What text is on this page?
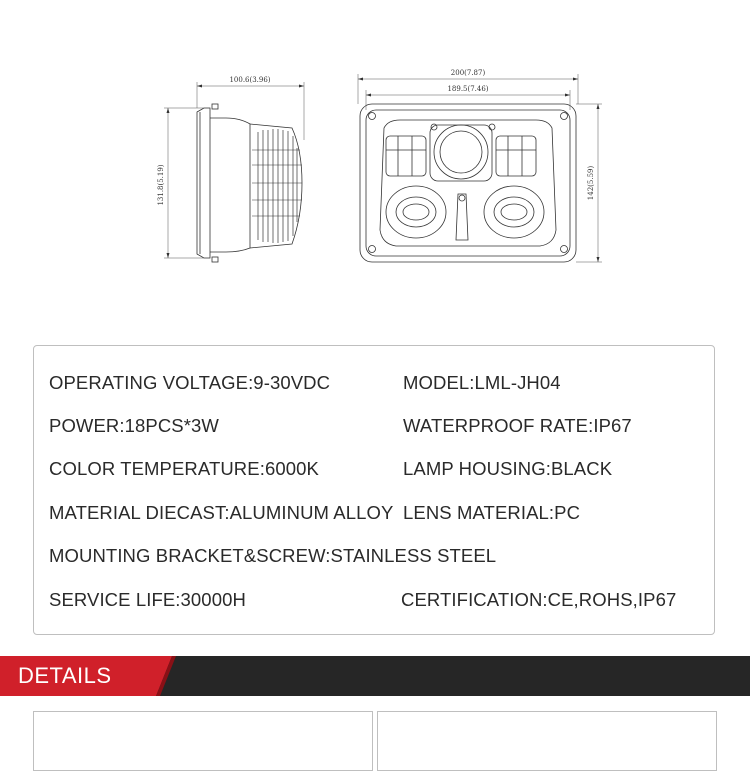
100.6(3.96)
131.8(5.19)
200(7.87)
189.5(7.46)
142(5.59)
OPERATING VOLTAGE:9-30VDC
POWER:18PCS*3W
COLOR TEMPERATURE:6000K
MATERIAL DIECAST:ALUMINUM ALLOY
MOUNTING BRACKET&SCREW:STAINLESS STEEL
SERVICE LIFE:30000H
MODEL:LML-JH04
WATERPROOF RATE:IP67
LAMP HOUSING:BLACK
LENS MATERIAL:PC
CERTIFICATION:CE,ROHS,IP67
DETAILS
